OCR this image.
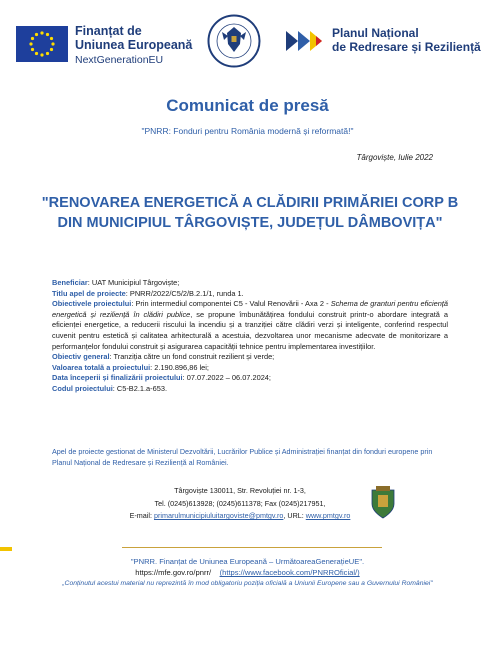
Finanțat de
Uniunea Europeană
NextGenerationEU
Planul Național
de Redresare și Reziliență
Comunicat de presă
"PNRR: Fonduri pentru România modernă și reformată!"
Târgoviște, Iulie 2022
"RENOVAREA ENERGETICĂ A CLĂDIRII PRIMĂRIEI CORP B DIN MUNICIPIUL TÂRGOVIȘTE, JUDEȚUL DÂMBOVIȚA"

Beneficiar: UAT Municipiul Târgoviște;

Titlu apel de proiecte: PNRR/2022/C5/2/B.2.1/1, runda 1.

Obiectivele proiectului: Prin intermediul componentei C5 - Valul Renovării - Axa 2 - Schema de granturi pentru eficiență energetică și reziliență în clădiri publice, se propune îmbunătățirea fondului construit printr-o abordare integrată a eficienței energetice, a reducerii riscului la incendiu și a tranziției către clădiri verzi și inteligente, conferind respectul cuvenit pentru estetică și calitatea arhitecturală a acestuia, dezvoltarea unor mecanisme adecvate de monitorizare a performanțelor fondului construit și asigurarea capacității tehnice pentru implementarea investițiilor.

Obiectiv general: Tranziția către un fond construit rezilient și verde;

Valoarea totală a proiectului: 2.190.896,86 lei;

Data începerii și finalizării proiectului: 07.07.2022 – 06.07.2024;

Codul proiectului: C5-B2.1.a-653.

Apel de proiecte gestionat de Ministerul Dezvoltării, Lucrărilor Publice și Administrației finanțat din fonduri europene prin Planul Național de Redresare și Reziliență al României.
Târgoviște 130011, Str. Revoluției nr. 1-3,
Tel. (0245)613928; (0245)611378; Fax (0245)217951,
E-mail: primarulmunicipiuluitargoviste@pmtgv.ro, URL: www.pmtgv.ro
"PNRR. Finanțat de Uniunea Europeană – UrmătoareaGenerațieUE".
https://mfe.gov.ro/pnrr/ (https://www.facebook.com/PNRROficial/)
„Conținutul acestui material nu reprezintă în mod obligatoriu poziția oficială a Uniunii Europene sau a Guvernului României"
